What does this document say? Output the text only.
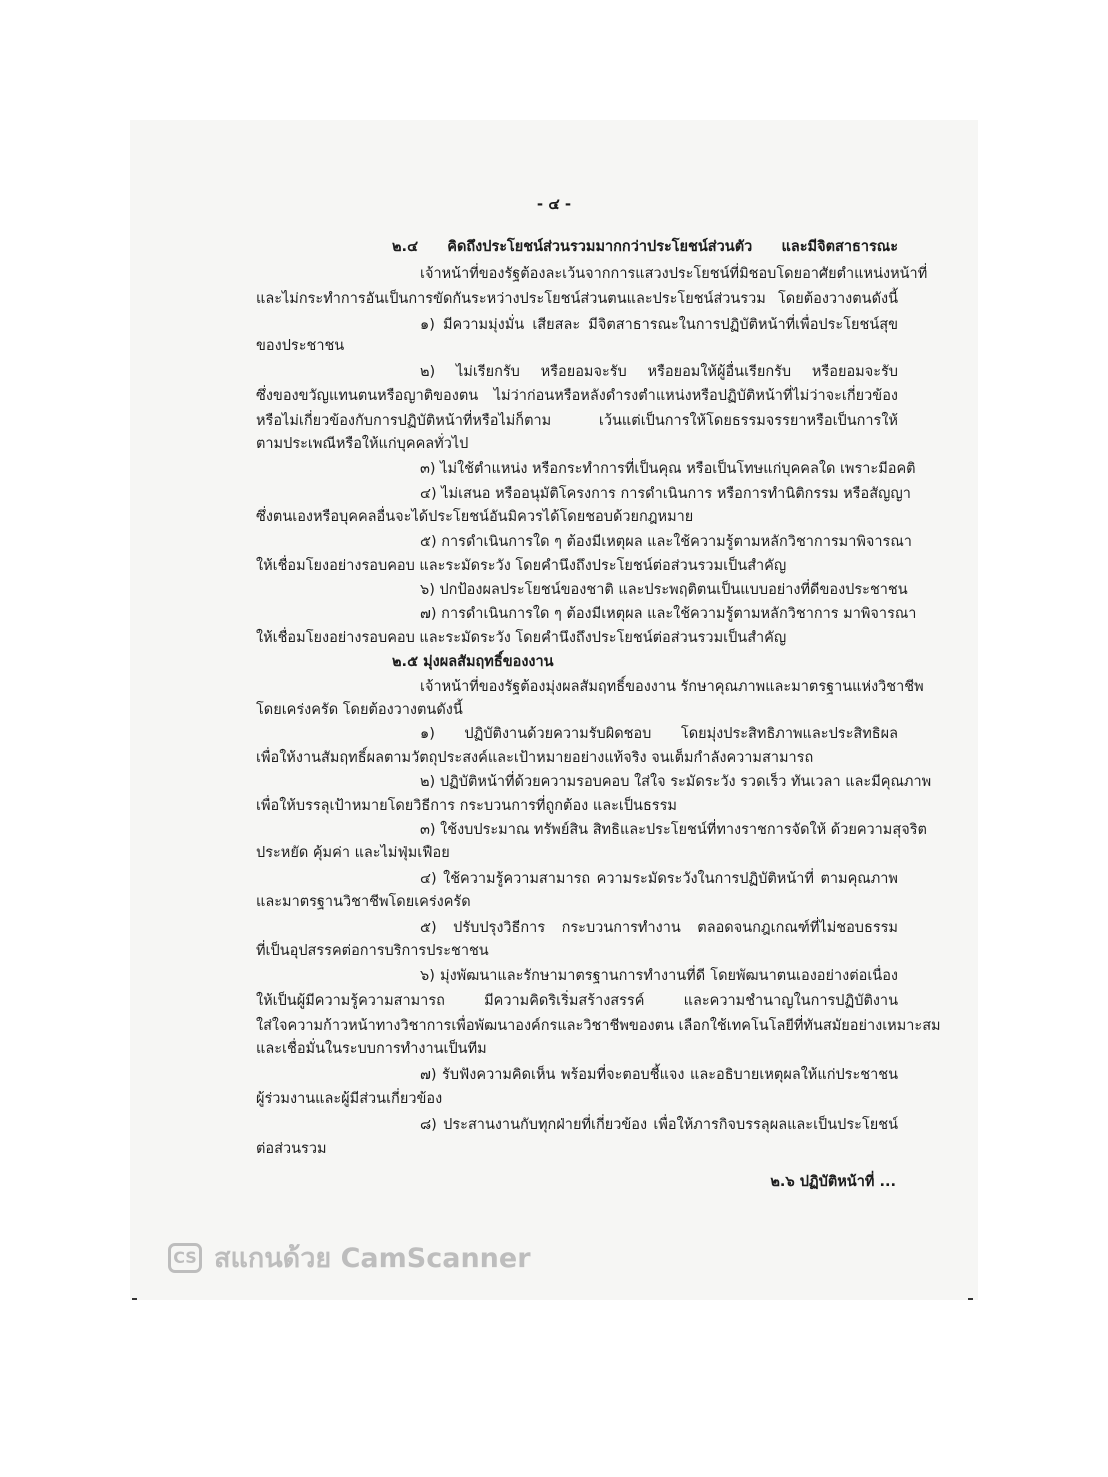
- ๔ -
๒.๔ คิดถึงประโยชน์ส่วนรวมมากกว่าประโยชน์ส่วนตัว และมีจิตสาธารณะ
เจ้าหน้าที่ของรัฐต้องละเว้นจากการแสวงประโยชน์ที่มิชอบโดยอาศัยตำแหน่งหน้าที่
และไม่กระทำการอันเป็นการขัดกันระหว่างประโยชน์ส่วนตนและประโยชน์ส่วนรวม โดยต้องวางตนดังนี้
๑) มีความมุ่งมั่น เสียสละ มีจิตสาธารณะในการปฏิบัติหน้าที่เพื่อประโยชน์สุข
ของประชาชน
๒) ไม่เรียกรับ หรือยอมจะรับ หรือยอมให้ผู้อื่นเรียกรับ หรือยอมจะรับ
ซึ่งของขวัญแทนตนหรือญาติของตน ไม่ว่าก่อนหรือหลังดำรงตำแหน่งหรือปฏิบัติหน้าที่ไม่ว่าจะเกี่ยวข้อง
หรือไม่เกี่ยวข้องกับการปฏิบัติหน้าที่หรือไม่ก็ตาม เว้นแต่เป็นการให้โดยธรรมจรรยาหรือเป็นการให้
ตามประเพณีหรือให้แก่บุคคลทั่วไป
๓) ไม่ใช้ตำแหน่ง หรือกระทำการที่เป็นคุณ หรือเป็นโทษแก่บุคคลใด เพราะมีอคติ
๔) ไม่เสนอ หรืออนุมัติโครงการ การดำเนินการ หรือการทำนิติกรรม หรือสัญญา
ซึ่งตนเองหรือบุคคลอื่นจะได้ประโยชน์อันมิควรได้โดยชอบด้วยกฎหมาย
๕) การดำเนินการใด ๆ ต้องมีเหตุผล และใช้ความรู้ตามหลักวิชาการมาพิจารณา
ให้เชื่อมโยงอย่างรอบคอบ และระมัดระวัง โดยคำนึงถึงประโยชน์ต่อส่วนรวมเป็นสำคัญ
๖) ปกป้องผลประโยชน์ของชาติ และประพฤติตนเป็นแบบอย่างที่ดีของประชาชน
๗) การดำเนินการใด ๆ ต้องมีเหตุผล และใช้ความรู้ตามหลักวิชาการ มาพิจารณา
ให้เชื่อมโยงอย่างรอบคอบ และระมัดระวัง โดยคำนึงถึงประโยชน์ต่อส่วนรวมเป็นสำคัญ
๒.๕ มุ่งผลสัมฤทธิ์ของงาน
เจ้าหน้าที่ของรัฐต้องมุ่งผลสัมฤทธิ์ของงาน รักษาคุณภาพและมาตรฐานแห่งวิชาชีพ
โดยเคร่งครัด โดยต้องวางตนดังนี้
๑) ปฏิบัติงานด้วยความรับผิดชอบ โดยมุ่งประสิทธิภาพและประสิทธิผล
เพื่อให้งานสัมฤทธิ์ผลตามวัตถุประสงค์และเป้าหมายอย่างแท้จริง จนเต็มกำลังความสามารถ
๒) ปฏิบัติหน้าที่ด้วยความรอบคอบ ใส่ใจ ระมัดระวัง รวดเร็ว ทันเวลา และมีคุณภาพ
เพื่อให้บรรลุเป้าหมายโดยวิธีการ กระบวนการที่ถูกต้อง และเป็นธรรม
๓) ใช้งบประมาณ ทรัพย์สิน สิทธิและประโยชน์ที่ทางราชการจัดให้ ด้วยความสุจริต
ประหยัด คุ้มค่า และไม่ฟุ่มเฟือย
๔) ใช้ความรู้ความสามารถ ความระมัดระวังในการปฏิบัติหน้าที่ ตามคุณภาพ
และมาตรฐานวิชาชีพโดยเคร่งครัด
๕) ปรับปรุงวิธีการ กระบวนการทำงาน ตลอดจนกฎเกณฑ์ที่ไม่ชอบธรรม
ที่เป็นอุปสรรคต่อการบริการประชาชน
๖) มุ่งพัฒนาและรักษามาตรฐานการทำงานที่ดี โดยพัฒนาตนเองอย่างต่อเนื่อง
ให้เป็นผู้มีความรู้ความสามารถ มีความคิดริเริ่มสร้างสรรค์ และความชำนาญในการปฏิบัติงาน
ใส่ใจความก้าวหน้าทางวิชาการเพื่อพัฒนาองค์กรและวิชาชีพของตน เลือกใช้เทคโนโลยีที่ทันสมัยอย่างเหมาะสม
และเชื่อมั่นในระบบการทำงานเป็นทีม
๗) รับฟังความคิดเห็น พร้อมที่จะตอบชี้แจง และอธิบายเหตุผลให้แก่ประชาชน
ผู้ร่วมงานและผู้มีส่วนเกี่ยวข้อง
๘) ประสานงานกับทุกฝ่ายที่เกี่ยวข้อง เพื่อให้ภารกิจบรรลุผลและเป็นประโยชน์
ต่อส่วนรวม
๒.๖ ปฏิบัติหน้าที่ ...
CS สแกนด้วย CamScanner
